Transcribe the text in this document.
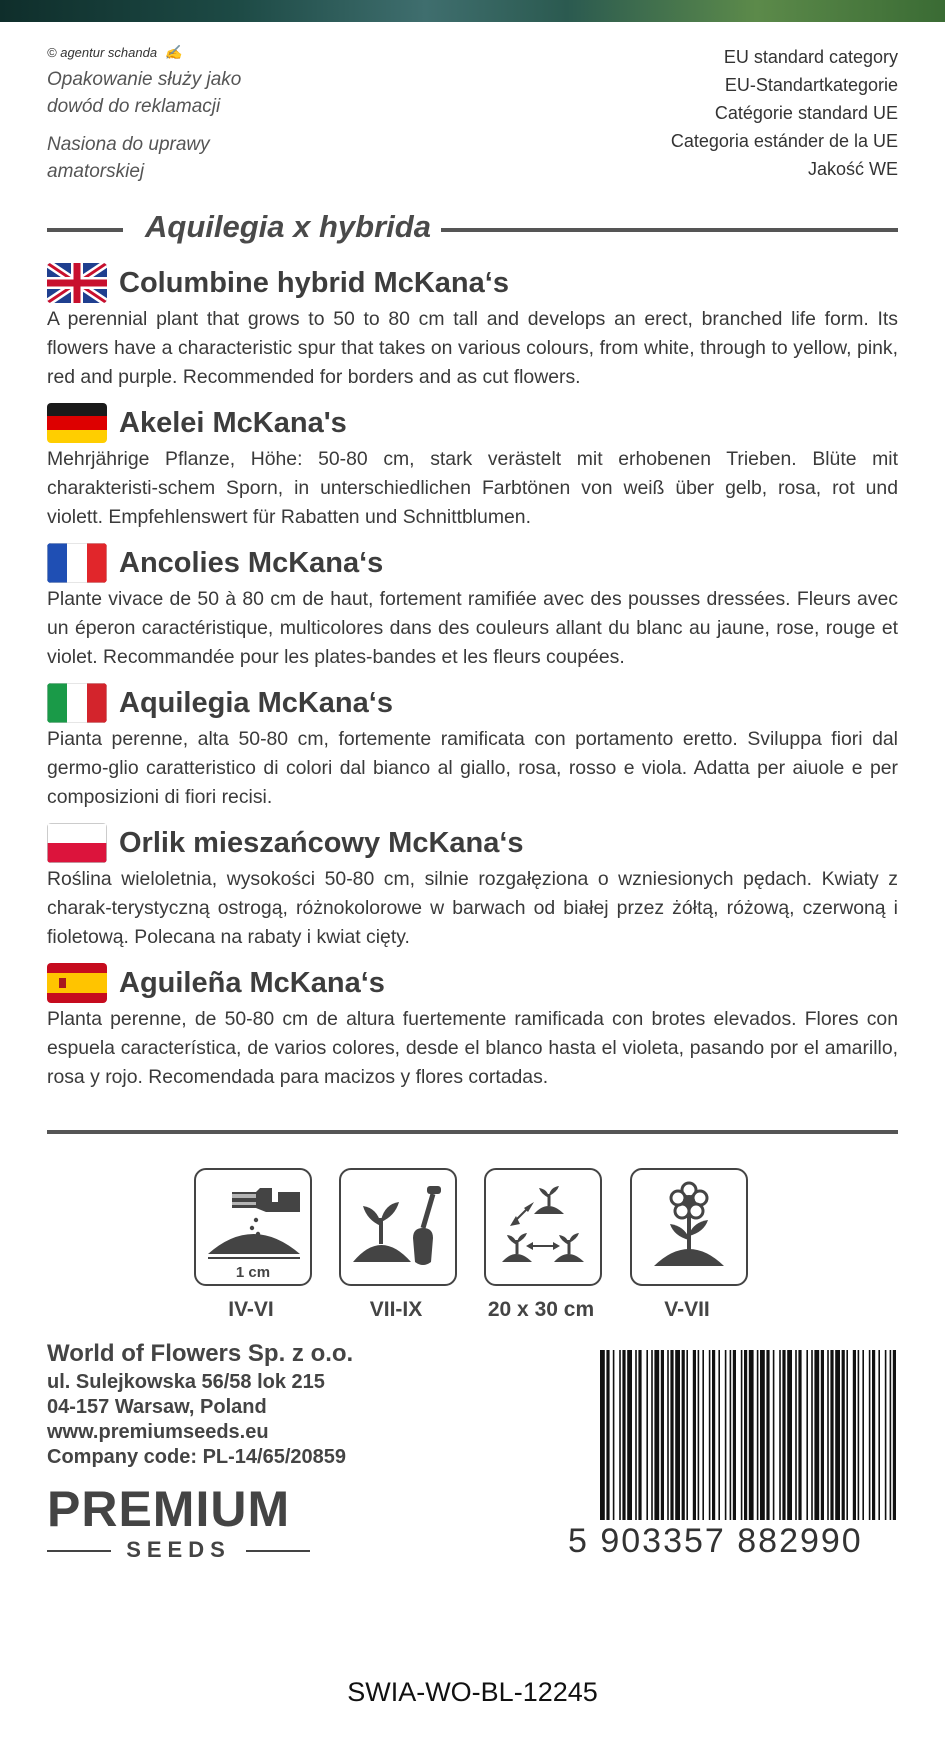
© agentur schanda ✍
Opakowanie służy jako
dowód do reklamacji
Nasiona do uprawy
amatorskiej
EU standard category
EU-Standartkategorie
Catégorie standard UE
Categoria estánder de la UE
Jakość WE
Aquilegia x hybrida
Columbine hybrid McKana‘s

A perennial plant that grows to 50 to 80 cm tall and develops an erect, branched life form. Its flowers have a characteristic spur that takes on various colours, from white, through to yellow, pink, red and purple. Recommended for borders and as cut flowers.

Akelei McKana's

Mehrjährige Pflanze, Höhe: 50-80 cm, stark verästelt mit erhobenen Trieben. Blüte mit charakteristi-schem Sporn, in unterschiedlichen Farbtönen von weiß über gelb, rosa, rot und violett. Empfehlenswert für Rabatten und Schnittblumen.

Ancolies McKana‘s

Plante vivace de 50 à 80 cm de haut, fortement ramifiée avec des pousses dressées. Fleurs avec un éperon caractéristique, multicolores dans des couleurs allant du blanc au jaune, rose, rouge et violet. Recommandée pour les plates-bandes et les fleurs coupées.

Aquilegia McKana‘s

Pianta perenne, alta 50-80 cm, fortemente ramificata con portamento eretto. Sviluppa fiori dal germo-glio caratteristico di colori dal bianco al giallo, rosa, rosso e viola. Adatta per aiuole e per composizioni di fiori recisi.

Orlik mieszańcowy McKana‘s

Roślina wieloletnia, wysokości 50-80 cm, silnie rozgałęziona o wzniesionych pędach. Kwiaty z charak-terystyczną ostrogą, różnokolorowe w barwach od białej przez żółtą, różową, czerwoną i fioletową. Polecana na rabaty i kwiat cięty.

Aguileña McKana‘s

Planta perenne, de 50-80 cm de altura fuertemente ramificada con brotes elevados. Flores con espuela característica, de varios colores, desde el blanco hasta el violeta, pasando por el amarillo, rosa y rojo. Recomendada para macizos y flores cortadas.

1 cm
IV-VI	VII-IX	20 x 30 cm	V-VII
World of Flowers Sp. z o.o.
ul. Sulejkowska 56/58 lok 215
04-157 Warsaw, Poland
www.premiumseeds.eu
Company code: PL-14/65/20859
PREMIUM
SEEDS	5 903357 882990
SWIA-WO-BL-12245
